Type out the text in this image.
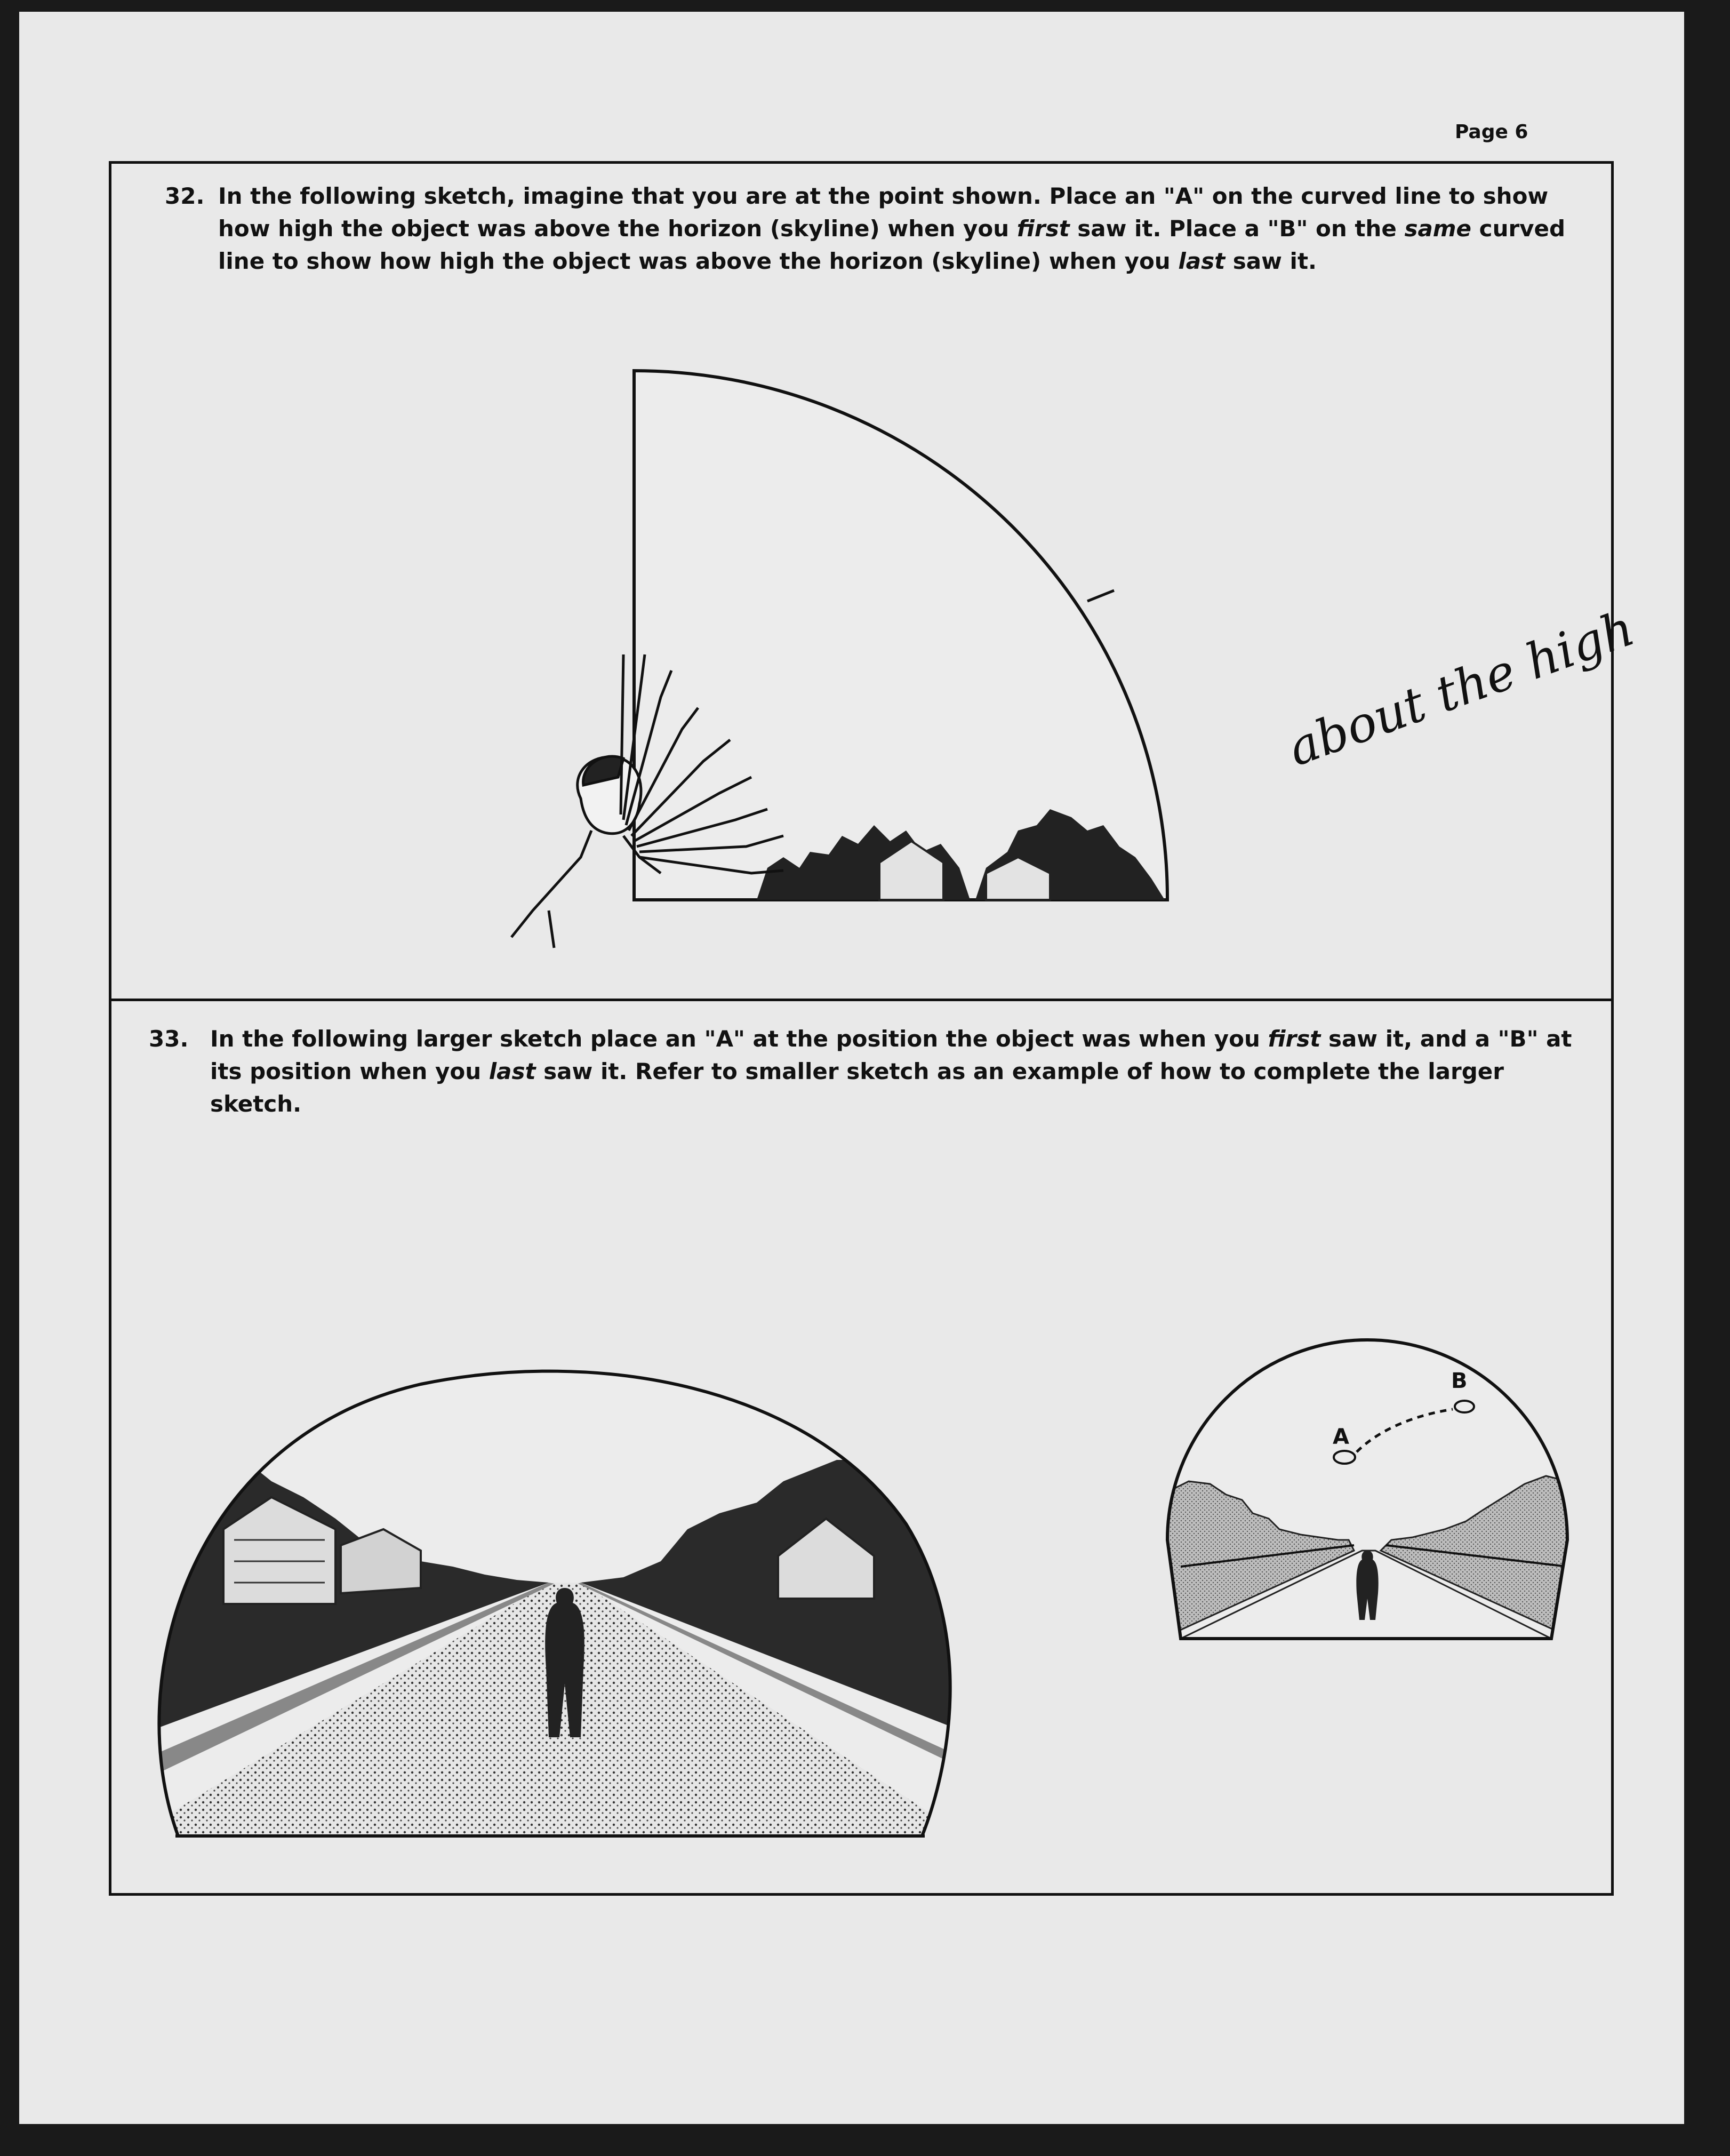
Page 6
32. In the following sketch, imagine that you are at the point shown. Place an "A" on the curved line to show how high the object was above the horizon (skyline) when you first saw it. Place a "B" on the same curved line to show how high the object was above the horizon (skyline) when you last saw it.
about the high
33. In the following larger sketch place an "A" at the position the object was when you first saw it, and a "B" at its position when you last saw it. Refer to smaller sketch as an example of how to complete the larger sketch.
A
B
